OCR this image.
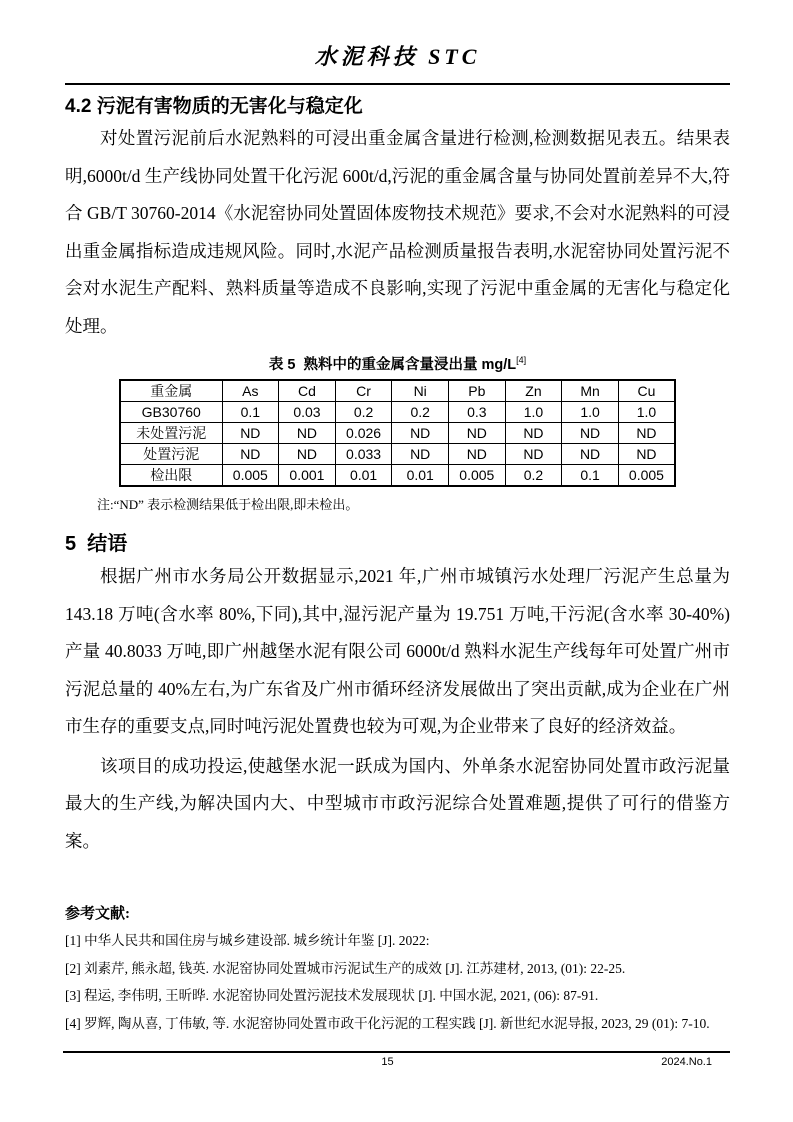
水泥科技 STC
4.2 污泥有害物质的无害化与稳定化

对处置污泥前后水泥熟料的可浸出重金属含量进行检测,检测数据见表五。结果表明,6000t/d 生产线协同处置干化污泥 600t/d,污泥的重金属含量与协同处置前差异不大,符合 GB/T 30760-2014《水泥窑协同处置固体废物技术规范》要求,不会对水泥熟料的可浸出重金属指标造成违规风险。同时,水泥产品检测质量报告表明,水泥窑协同处置污泥不会对水泥生产配料、熟料质量等造成不良影响,实现了污泥中重金属的无害化与稳定化处理。

表 5  熟料中的重金属含量浸出量 mg/L[4]
重金属	As	Cd	Cr	Ni	Pb	Zn	Mn	Cu
GB30760	0.1	0.03	0.2	0.2	0.3	1.0	1.0	1.0
未处置污泥	ND	ND	0.026	ND	ND	ND	ND	ND
处置污泥	ND	ND	0.033	ND	ND	ND	ND	ND
检出限	0.005	0.001	0.01	0.01	0.005	0.2	0.1	0.005
注:“ND” 表示检测结果低于检出限,即未检出。
5  结语

根据广州市水务局公开数据显示,2021 年,广州市城镇污水处理厂污泥产生总量为 143.18 万吨(含水率 80%,下同),其中,湿污泥产量为 19.751 万吨,干污泥(含水率 30-40%)产量 40.8033 万吨,即广州越堡水泥有限公司 6000t/d 熟料水泥生产线每年可处置广州市污泥总量的 40%左右,为广东省及广州市循环经济发展做出了突出贡献,成为企业在广州市生存的重要支点,同时吨污泥处置费也较为可观,为企业带来了良好的经济效益。

该项目的成功投运,使越堡水泥一跃成为国内、外单条水泥窑协同处置市政污泥量最大的生产线,为解决国内大、中型城市市政污泥综合处置难题,提供了可行的借鉴方案。

参考文献:

[1] 中华人民共和国住房与城乡建设部. 城乡统计年鉴 [J]. 2022:

[2] 刘素芹, 熊永超, 钱英. 水泥窑协同处置城市污泥试生产的成效 [J]. 江苏建材, 2013, (01): 22-25.

[3] 程运, 李伟明, 王昕晔. 水泥窑协同处置污泥技术发展现状 [J]. 中国水泥, 2021, (06): 87-91.

[4] 罗辉, 陶从喜, 丁伟敏, 等. 水泥窑协同处置市政干化污泥的工程实践 [J]. 新世纪水泥导报, 2023, 29 (01): 7-10.

15	2024.No.1
